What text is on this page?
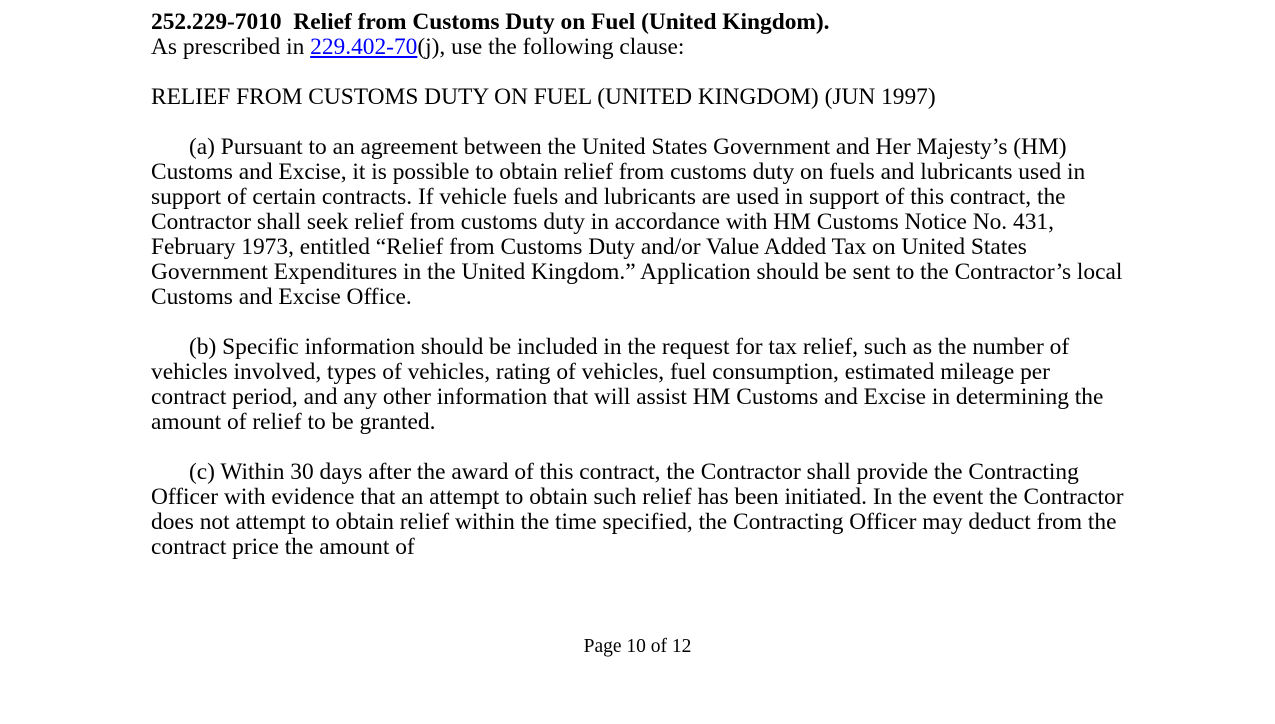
252.229-7010 Relief from Customs Duty on Fuel (United Kingdom).

As prescribed in 229.402-70(j), use the following clause:

RELIEF FROM CUSTOMS DUTY ON FUEL (UNITED KINGDOM) (JUN 1997)

(a) Pursuant to an agreement between the United States Government and Her Majesty’s (HM) Customs and Excise, it is possible to obtain relief from customs duty on fuels and lubricants used in support of certain contracts. If vehicle fuels and lubricants are used in support of this contract, the Contractor shall seek relief from customs duty in accordance with HM Customs Notice No. 431, February 1973, entitled “Relief from Customs Duty and/or Value Added Tax on United States Government Expenditures in the United Kingdom.” Application should be sent to the Contractor’s local Customs and Excise Office.

(b) Specific information should be included in the request for tax relief, such as the number of vehicles involved, types of vehicles, rating of vehicles, fuel consumption, estimated mileage per contract period, and any other information that will assist HM Customs and Excise in determining the amount of relief to be granted.

(c) Within 30 days after the award of this contract, the Contractor shall provide the Contracting Officer with evidence that an attempt to obtain such relief has been initiated. In the event the Contractor does not attempt to obtain relief within the time specified, the Contracting Officer may deduct from the contract price the amount of

Page 10 of 12
